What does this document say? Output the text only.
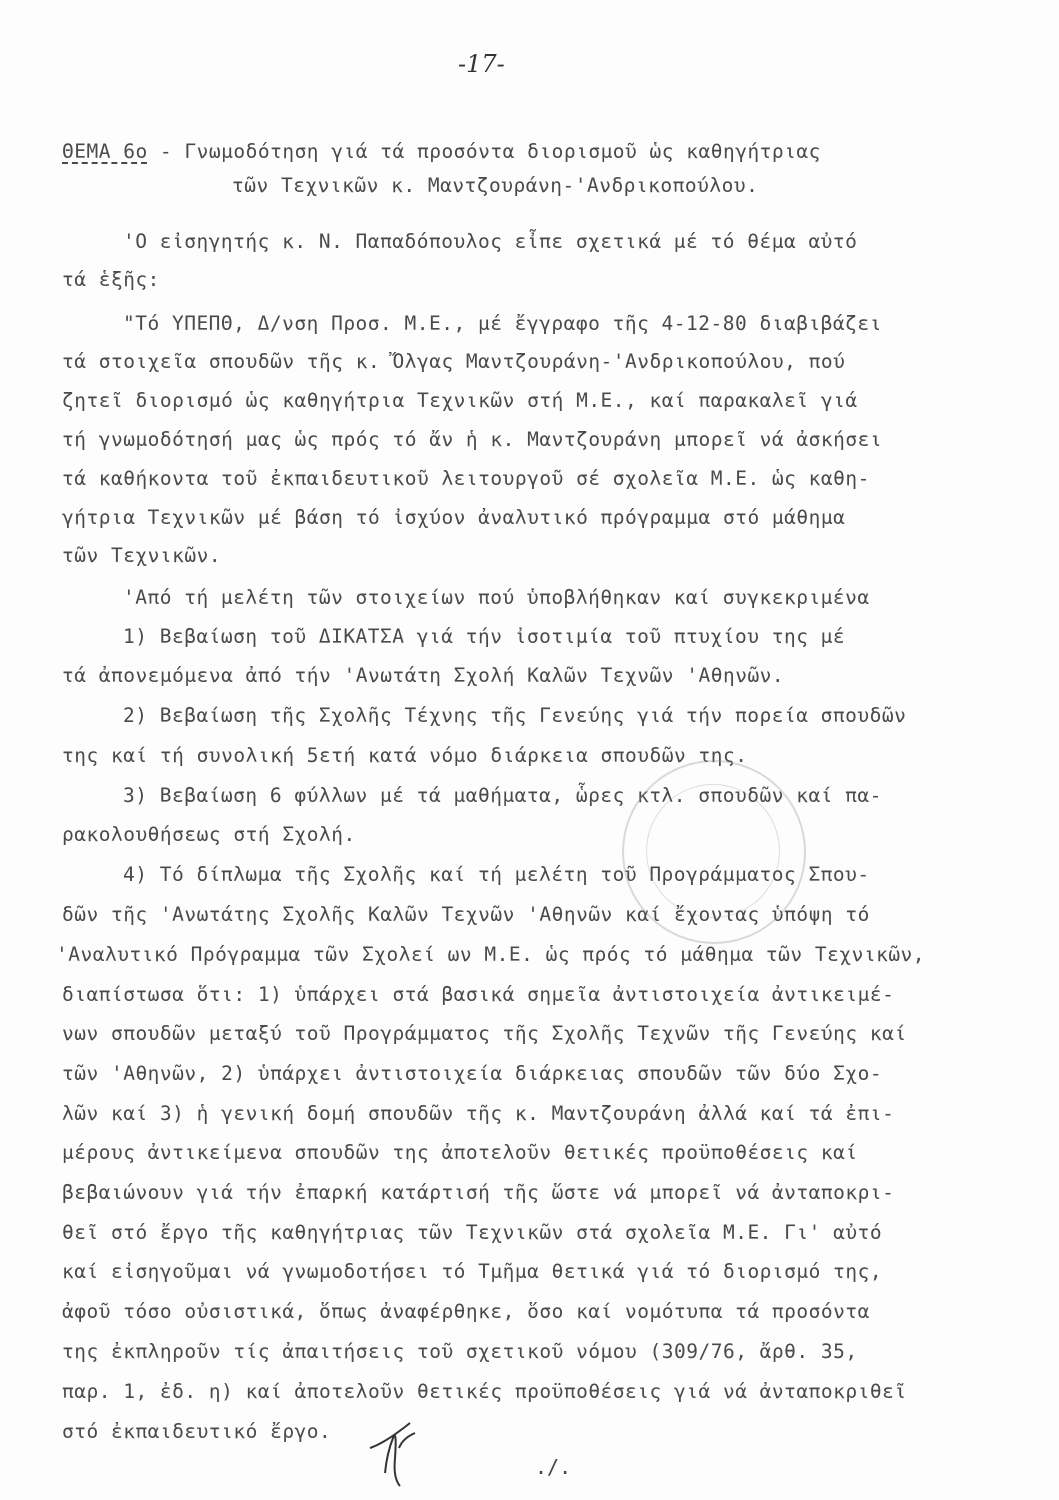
-17-
ΘΕΜΑ 6ο - Γνωμοδότηση γιά τά προσόντα διορισμοῦ ὡς καθηγήτριας
τῶν Τεχνικῶν κ. Μαντζουράνη-'Ανδρικοπούλου.
'Ο εἰσηγητής κ. Ν. Παπαδόπουλος εἶπε σχετικά μέ τό θέμα αὐτό
τά ἑξῆς:
"Τό ΥΠΕΠΘ, Δ/νση Προσ. Μ.Ε., μέ ἔγγραφο τῆς 4-12-80 διαβιβάζει
τά στοιχεῖα σπουδῶν τῆς κ. Ὄλγας Μαντζουράνη-'Ανδρικοπούλου, πού
ζητεῖ διορισμό ὡς καθηγήτρια Τεχνικῶν στή Μ.Ε., καί παρακαλεῖ γιά
τή γνωμοδότησή μας ὡς πρός τό ἄν ἡ κ. Μαντζουράνη μπορεῖ νά ἀσκήσει
τά καθήκοντα τοῦ ἐκπαιδευτικοῦ λειτουργοῦ σέ σχολεῖα Μ.Ε. ὡς καθη-
γήτρια Τεχνικῶν μέ βάση τό ἰσχύον ἀναλυτικό πρόγραμμα στό μάθημα
τῶν Τεχνικῶν.
'Από τή μελέτη τῶν στοιχείων πού ὑποβλήθηκαν καί συγκεκριμένα
1) Βεβαίωση τοῦ ΔΙΚΑΤΣΑ γιά τήν ἰσοτιμία τοῦ πτυχίου της μέ
τά ἀπονεμόμενα ἀπό τήν 'Ανωτάτη Σχολή Καλῶν Τεχνῶν 'Αθηνῶν.
2) Βεβαίωση τῆς Σχολῆς Τέχνης τῆς Γενεύης γιά τήν πορεία σπουδῶν
της καί τή συνολική 5ετή κατά νόμο διάρκεια σπουδῶν της.
3) Βεβαίωση 6 φύλλων μέ τά μαθήματα, ὧρες κτλ. σπουδῶν καί πα-
ρακολουθήσεως στή Σχολή.
4) Τό δίπλωμα τῆς Σχολῆς καί τή μελέτη τοῦ Προγράμματος Σπου-
δῶν τῆς 'Ανωτάτης Σχολῆς Καλῶν Τεχνῶν 'Αθηνῶν καί ἔχοντας ὑπόψη τό
'Αναλυτικό Πρόγραμμα τῶν Σχολεί ων Μ.Ε. ὡς πρός τό μάθημα τῶν Τεχνικῶν,
διαπίστωσα ὅτι: 1) ὑπάρχει στά βασικά σημεῖα ἀντιστοιχεία ἀντικειμέ-
νων σπουδῶν μεταξύ τοῦ Προγράμματος τῆς Σχολῆς Τεχνῶν τῆς Γενεύης καί
τῶν 'Αθηνῶν, 2) ὑπάρχει ἀντιστοιχεία διάρκειας σπουδῶν τῶν δύο Σχο-
λῶν καί 3) ἡ γενική δομή σπουδῶν τῆς κ. Μαντζουράνη ἀλλά καί τά ἐπι-
μέρους ἀντικείμενα σπουδῶν της ἀποτελοῦν θετικές προϋποθέσεις καί
βεβαιώνουν γιά τήν ἐπαρκή κατάρτισή τῆς ὥστε νά μπορεῖ νά ἀνταποκρι-
θεῖ στό ἔργο τῆς καθηγήτριας τῶν Τεχνικῶν στά σχολεῖα Μ.Ε. Γι' αὐτό
καί εἰσηγοῦμαι νά γνωμοδοτήσει τό Τμῆμα θετικά γιά τό διορισμό της,
ἀφοῦ τόσο οὐσιστικά, ὅπως ἀναφέρθηκε, ὅσο καί νομότυπα τά προσόντα
της ἐκπληροῦν τίς ἀπαιτήσεις τοῦ σχετικοῦ νόμου (309/76, ἄρθ. 35,
παρ. 1, ἐδ. η) καί ἀποτελοῦν θετικές προϋποθέσεις γιά νά ἀνταποκριθεῖ
στό ἐκπαιδευτικό ἔργο.
./.
